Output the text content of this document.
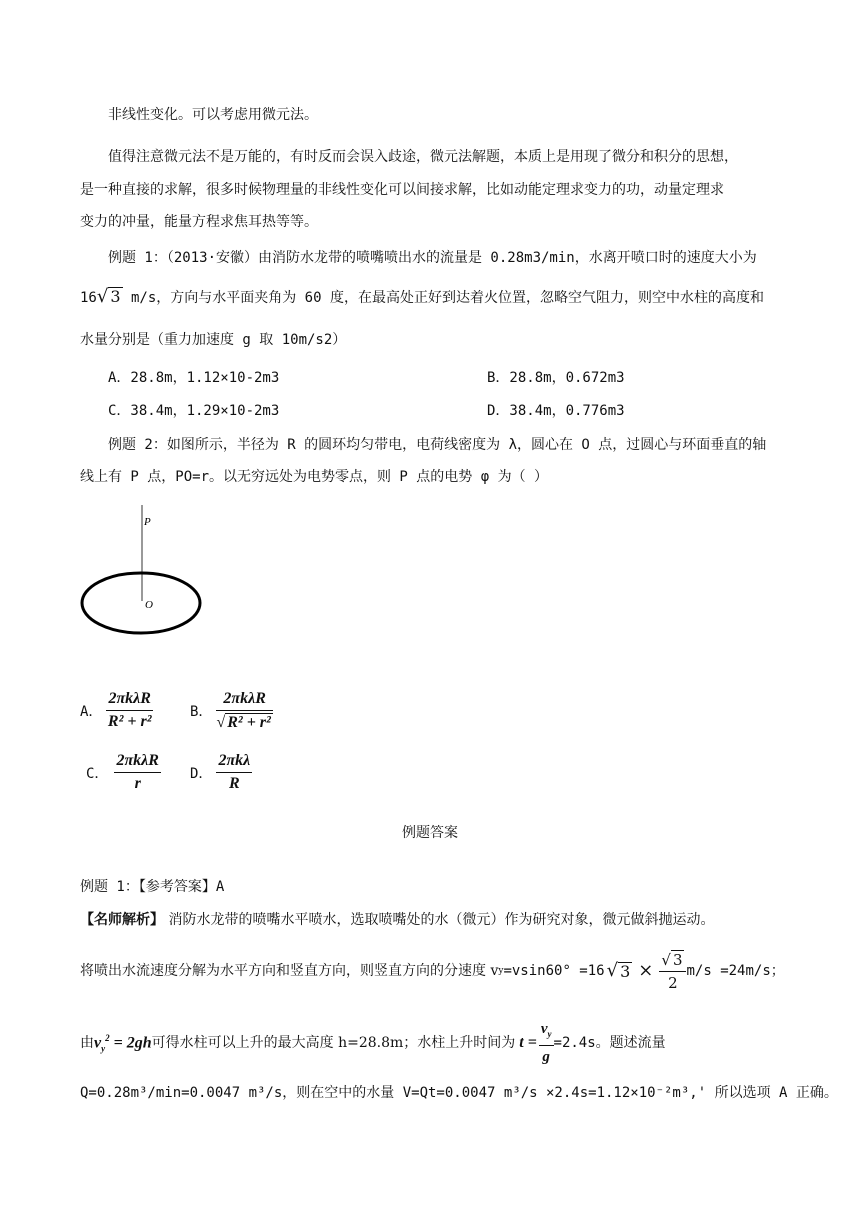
非线性变化。可以考虑用微元法。
值得注意微元法不是万能的，有时反而会误入歧途，微元法解题，本质上是用现了微分和积分的思想，
是一种直接的求解，很多时候物理量的非线性变化可以间接求解，比如动能定理求变力的功，动量定理求
变力的冲量，能量方程求焦耳热等等。
例题 1：（2013·安徽）由消防水龙带的喷嘴喷出水的流量是 0.28m3/min，水离开喷口时的速度大小为
16√ 3 m/s，方向与水平面夹角为 60 度，在最高处正好到达着火位置，忽略空气阻力，则空中水柱的高度和
水量分别是（重力加速度 g 取 10m/s2）
A．28.8m，1.12×10-2m3	B．28.8m，0.672m3
C．38.4m，1.29×10-2m3	D．38.4m，0.776m3
例题 2：如图所示，半径为 R 的圆环均匀带电，电荷线密度为 λ，圆心在 O 点，过圆心与环面垂直的轴
线上有 P 点，PO=r。以无穷远处为电势零点，则 P 点的电势 φ 为（ ）
P
O
A． $\frac{\text{2πkλR}}{\text{R² + r²}}$	B． $\frac{\text{2πkλR}}{\text{√ R² + r²}}$
C． $\frac{\text{2πkλR}}{r}$ D． $\frac{\text{2πkλ}}{R}$
例题答案
例题 1：【参考答案】A
【名师解析】 消防水龙带的喷嘴水平喷水，选取喷嘴处的水（微元）作为研究对象，微元做斜抛运动。
将喷出水流速度分解为水平方向和竖直方向，则竖直方向的分速度 v y =vsin60° =16 √ $3 \times \frac{√ 3}{2} m/s =24m/s$；
由 $v_y^2 = 2gh$ 可得水柱可以上升的最大高度 h=28.8m；水柱上升时间为 $t = \frac{v_y}{g} =2.4s$。题述流量
Q=0.28m³/min=0.0047 m³/s，则在空中的水量 V=Qt=0.0047 m³/s ×2.4s=1.12×10⁻²m³,' 所以选项 A 正确。
